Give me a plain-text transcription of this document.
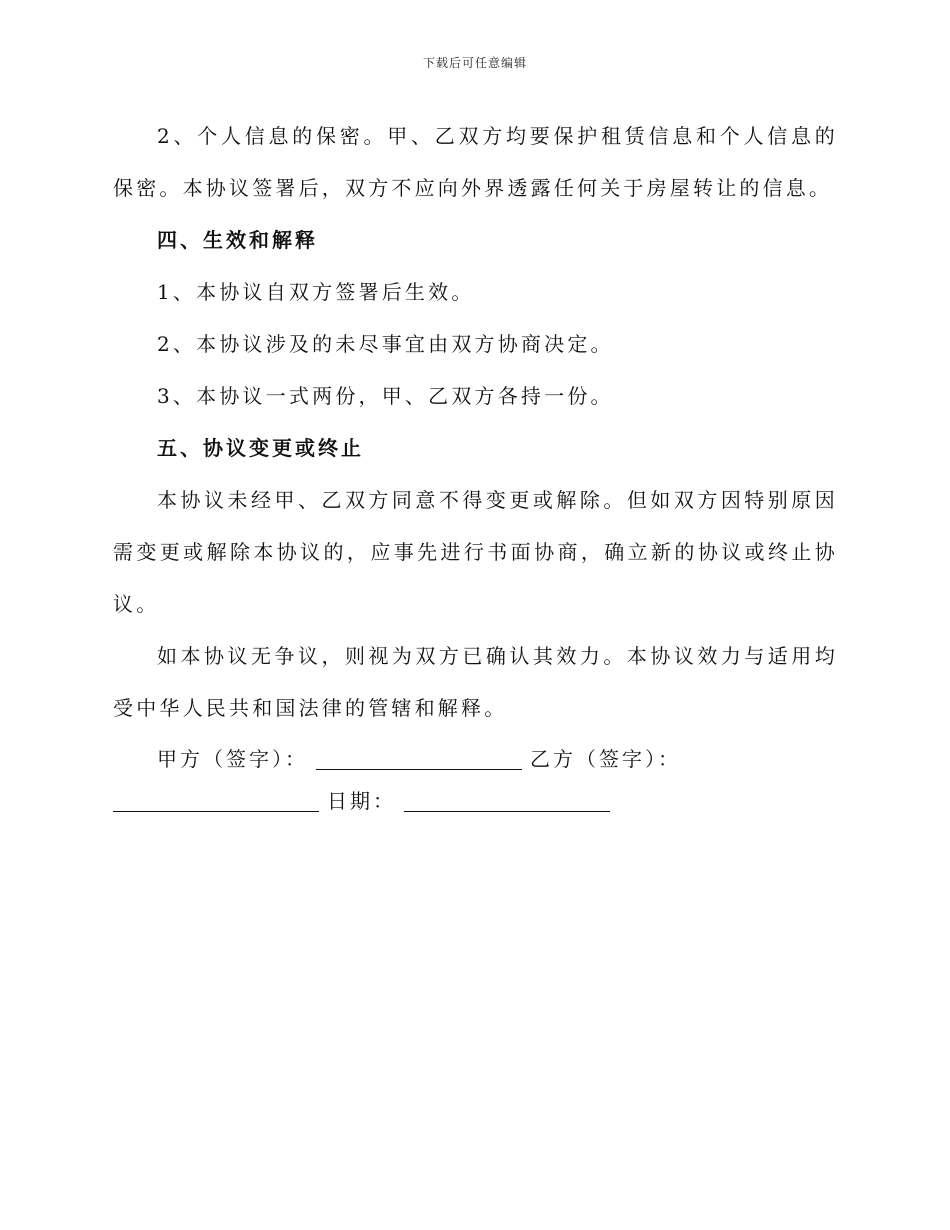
下载后可任意编辑

2、个人信息的保密。甲、乙双方均要保护租赁信息和个人信息的保密。本协议签署后，双方不应向外界透露任何关于房屋转让的信息。

四、生效和解释

1、本协议自双方签署后生效。

2、本协议涉及的未尽事宜由双方协商决定。

3、本协议一式两份，甲、乙双方各持一份。

五、协议变更或终止

本协议未经甲、乙双方同意不得变更或解除。但如双方因特别原因需变更或解除本协议的，应事先进行书面协商，确立新的协议或终止协议。

如本协议无争议，则视为双方已确认其效力。本协议效力与适用均受中华人民共和国法律的管辖和解释。

甲方（签字）：	乙方（签字）：
日期：
